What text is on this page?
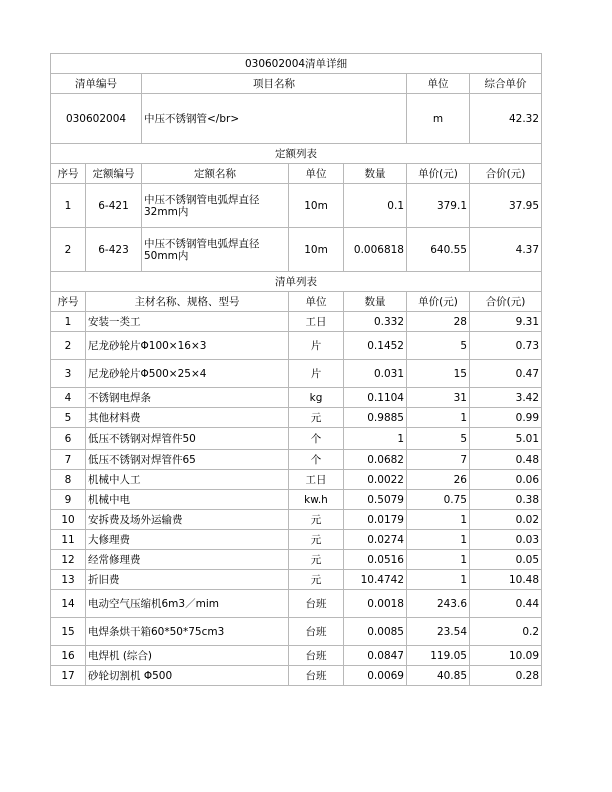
030602004清单详细						
清单编号		项目名称			单位	综合单价
030602004		中压不锈钢管</br>			m	42.32
定额列表						
序号	定额编号	定额名称	单位	数量	单价(元)	合价(元)
1	6-421	中压不锈钢管电弧焊直径32mm内	10m	0.1	379.1	37.95
2	6-423	中压不锈钢管电弧焊直径50mm内	10m	0.006818	640.55	4.37
清单列表						
序号	主材名称、规格、型号		单位	数量	单价(元)	合价(元)
1	安装一类工		工日	0.332	28	9.31
2	尼龙砂轮片Φ100×16×3		片	0.1452	5	0.73
3	尼龙砂轮片Φ500×25×4		片	0.031	15	0.47
4	不锈钢电焊条		kg	0.1104	31	3.42
5	其他材料费		元	0.9885	1	0.99
6	低压不锈钢对焊管件50		个	1	5	5.01
7	低压不锈钢对焊管件65		个	0.0682	7	0.48
8	机械中人工		工日	0.0022	26	0.06
9	机械中电		kw.h	0.5079	0.75	0.38
10	安拆费及场外运输费		元	0.0179	1	0.02
11	大修理费		元	0.0274	1	0.03
12	经常修理费		元	0.0516	1	0.05
13	折旧费		元	10.4742	1	10.48
14	电动空气压缩机6m3／mim		台班	0.0018	243.6	0.44
15	电焊条烘干箱60*50*75cm3		台班	0.0085	23.54	0.2
16	电焊机 (综合)		台班	0.0847	119.05	10.09
17	砂轮切割机 Φ500		台班	0.0069	40.85	0.28
